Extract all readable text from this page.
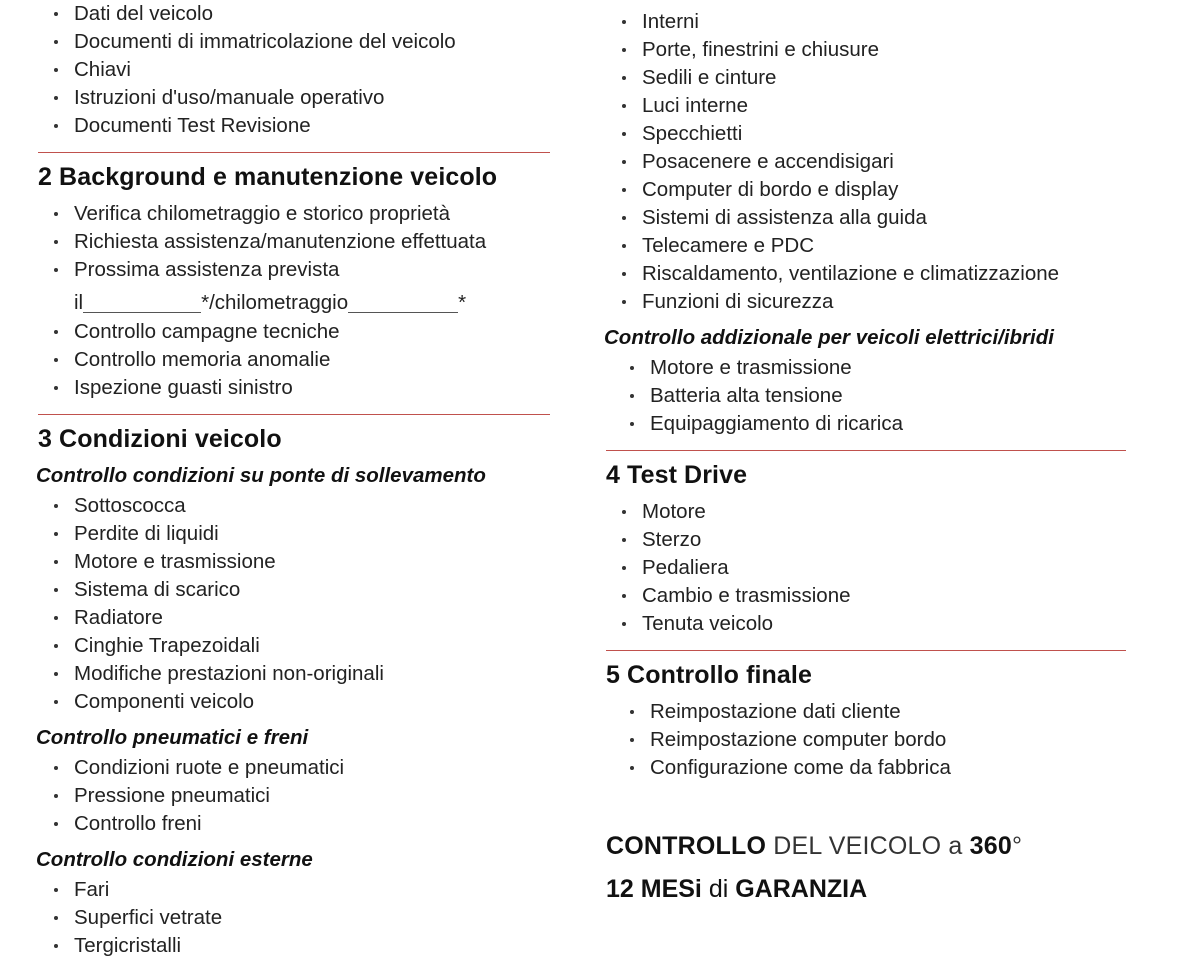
Dati del veicolo
Documenti di immatricolazione del veicolo
Chiavi
Istruzioni d'uso/manuale operativo
Documenti Test Revisione
2 Background e manutenzione veicolo
Verifica chilometraggio e storico proprietà
Richiesta assistenza/manutenzione effettuata
Prossima assistenza prevista
il	*/chilometraggio	*
Controllo campagne tecniche
Controllo memoria anomalie
Ispezione guasti sinistro
3 Condizioni veicolo
Controllo condizioni su ponte di sollevamento
Sottoscocca
Perdite di liquidi
Motore e trasmissione
Sistema di scarico
Radiatore
Cinghie Trapezoidali
Modifiche prestazioni non-originali
Componenti veicolo
Controllo pneumatici e freni
Condizioni ruote e pneumatici
Pressione pneumatici
Controllo freni
Controllo condizioni esterne
Fari
Superfici vetrate
Tergicristalli
Interni
Porte, finestrini e chiusure
Sedili e cinture
Luci interne
Specchietti
Posacenere e accendisigari
Computer di bordo e display
Sistemi di assistenza alla guida
Telecamere e PDC
Riscaldamento, ventilazione e climatizzazione
Funzioni di sicurezza
Controllo addizionale per veicoli elettrici/ibridi
Motore e trasmissione
Batteria alta tensione
Equipaggiamento di ricarica
4 Test Drive
Motore
Sterzo
Pedaliera
Cambio e trasmissione
Tenuta veicolo
5 Controllo finale
Reimpostazione dati cliente
Reimpostazione computer bordo
Configurazione come da fabbrica
CONTROLLO DEL VEICOLO a 360°
12 MESi di GARANZIA
